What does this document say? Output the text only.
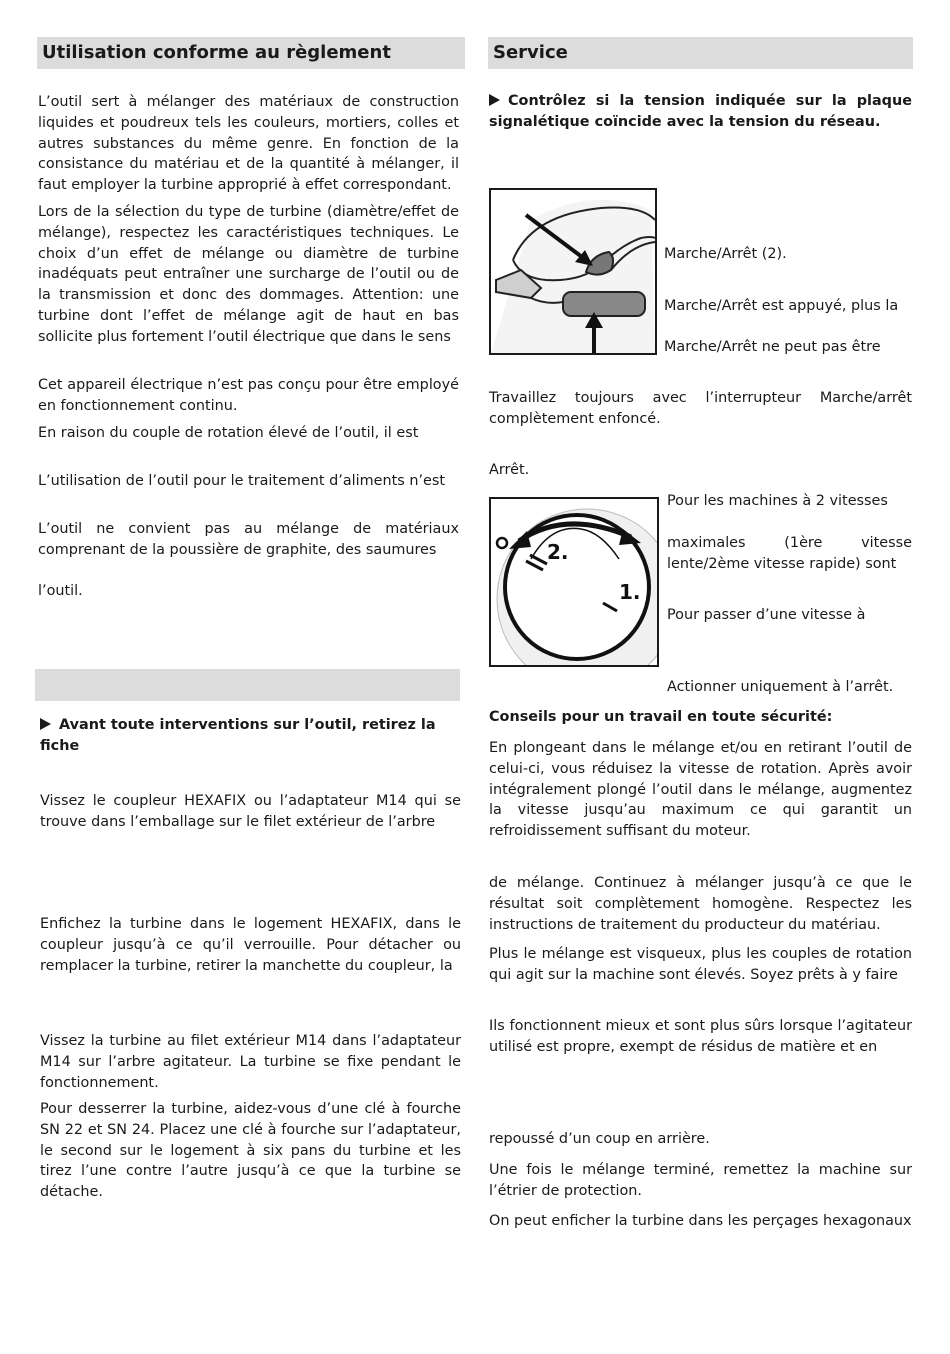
Utilisation conforme au règlement

L’outil sert à mélanger des matériaux de construction liquides et poudreux tels les couleurs, mortiers, colles et autres substances du même genre. En fonction de la consistance du matériau et de la quantité à mélanger, il faut employer la turbine approprié à effet correspondant.

Lors de la sélection du type de turbine (diamètre/effet de mélange), respectez les caractéristiques techniques. Le choix d’un effet de mélange ou diamètre de turbine inadéquats peut entraîner une surcharge de l’outil ou de la transmission et donc des dommages. Attention: une turbine dont l’effet de mélange agit de haut en bas sollicite plus fortement l’outil électrique que dans le sens

Cet appareil électrique n’est pas conçu pour être employé en fonctionnement continu.

En raison du couple de rotation élevé de l’outil, il est

L’utilisation de l’outil pour le traitement d’aliments n’est

L’outil ne convient pas au mélange de matériaux comprenant de la poussière de graphite, des saumures

l’outil.

Avant toute interventions sur l’outil, retirez la fiche

Vissez le coupleur HEXAFIX ou l’adaptateur M14 qui se trouve dans l’emballage sur le filet extérieur de l’arbre

Enfichez la turbine dans le logement HEXAFIX, dans le coupleur jusqu’à ce qu’il verrouille. Pour détacher ou remplacer la turbine, retirer la manchette du coupleur, la

Vissez la turbine au filet extérieur M14 dans l’adaptateur M14 sur l’arbre agitateur. La turbine se fixe pendant le fonctionnement.

Pour desserrer la turbine, aidez-vous d’une clé à fourche SN 22 et SN 24. Placez une clé à fourche sur l’adaptateur, le second sur le logement à six pans du turbine et les tirez l’une contre l’autre jusqu’à ce que la turbine se détache.

Service

Contrôlez si la tension indiquée sur la plaque signalétique coïncide avec la tension du réseau.

Marche/Arrêt (2).

Marche/Arrêt est appuyé, plus la

Marche/Arrêt ne peut pas être

Travaillez toujours avec l’interrupteur Marche/arrêt complètement enfoncé.

Arrêt.

2.
1.

Pour les machines à 2 vitesses

maximales (1ère vitesse lente/2ème vitesse rapide) sont

Pour passer d’une vitesse à

Actionner uniquement à l’arrêt.

Conseils pour un travail en toute sécurité:

En plongeant dans le mélange et/ou en retirant l’outil de celui-ci, vous réduisez la vitesse de rotation. Après avoir intégralement plongé l’outil dans le mélange, augmentez la vitesse jusqu’au maximum ce qui garantit un refroidissement suffisant du moteur.

de mélange. Continuez à mélanger jusqu’à ce que le résultat soit complètement homogène. Respectez les instructions de traitement du producteur du matériau.

Plus le mélange est visqueux, plus les couples de rotation qui agit sur la machine sont élevés. Soyez prêts à y faire

Ils fonctionnent mieux et sont plus sûrs lorsque l’agitateur utilisé est propre, exempt de résidus de matière et en

repoussé d’un coup en arrière.

Une fois le mélange terminé, remettez la machine sur l’étrier de protection.

On peut enficher la turbine dans les perçages hexagonaux
